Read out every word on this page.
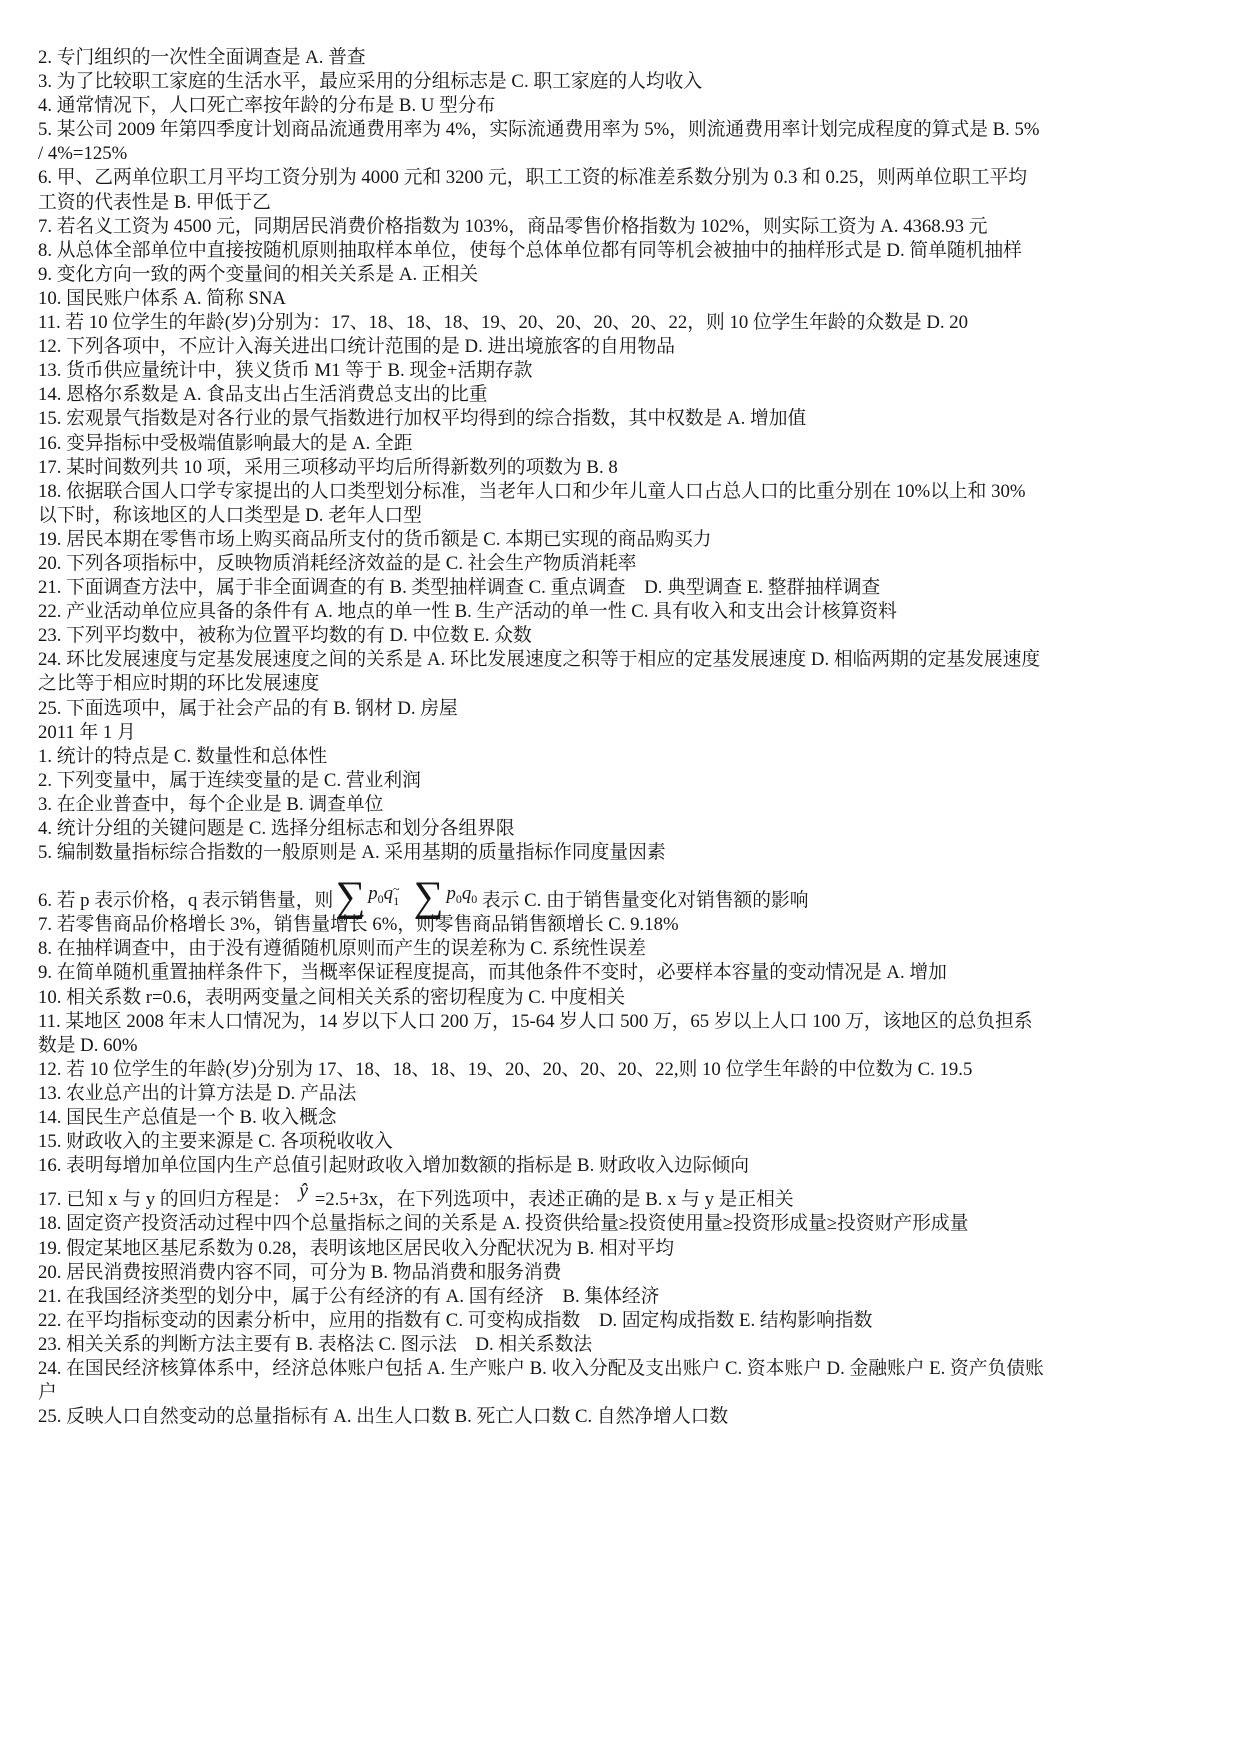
2. 专门组织的一次性全面调查是 A. 普查
3. 为了比较职工家庭的生活水平，最应采用的分组标志是 C. 职工家庭的人均收入
4. 通常情况下，人口死亡率按年龄的分布是 B. U 型分布
5. 某公司 2009 年第四季度计划商品流通费用率为 4%，实际流通费用率为 5%，则流通费用率计划完成程度的算式是 B. 5% / 4%=125%
6. 甲、乙两单位职工月平均工资分别为 4000 元和 3200 元，职工工资的标准差系数分别为 0.3 和 0.25，则两单位职工平均工资的代表性是 B. 甲低于乙
7. 若名义工资为 4500 元，同期居民消费价格指数为 103%，商品零售价格指数为 102%，则实际工资为 A. 4368.93 元
8. 从总体全部单位中直接按随机原则抽取样本单位，使每个总体单位都有同等机会被抽中的抽样形式是 D. 简单随机抽样
9. 变化方向一致的两个变量间的相关关系是 A. 正相关
10. 国民账户体系 A. 简称 SNA
11. 若 10 位学生的年龄(岁)分别为：17、18、18、18、19、20、20、20、20、22，则 10 位学生年龄的众数是 D. 20
12. 下列各项中，不应计入海关进出口统计范围的是 D. 进出境旅客的自用物品
13. 货币供应量统计中，狭义货币 M1 等于 B. 现金+活期存款
14. 恩格尔系数是 A. 食品支出占生活消费总支出的比重
15. 宏观景气指数是对各行业的景气指数进行加权平均得到的综合指数，其中权数是 A. 增加值
16. 变异指标中受极端值影响最大的是 A. 全距
17. 某时间数列共 10 项，采用三项移动平均后所得新数列的项数为 B. 8
18. 依据联合国人口学专家提出的人口类型划分标准，当老年人口和少年儿童人口占总人口的比重分别在 10%以上和 30%以下时，称该地区的人口类型是 D. 老年人口型
19. 居民本期在零售市场上购买商品所支付的货币额是 C. 本期已实现的商品购买力
20. 下列各项指标中，反映物质消耗经济效益的是 C. 社会生产物质消耗率
21. 下面调查方法中，属于非全面调查的有 B. 类型抽样调查 C. 重点调查    D. 典型调查 E. 整群抽样调查
22. 产业活动单位应具备的条件有 A. 地点的单一性 B. 生产活动的单一性 C. 具有收入和支出会计核算资料
23. 下列平均数中，被称为位置平均数的有 D. 中位数 E. 众数
24. 环比发展速度与定基发展速度之间的关系是 A. 环比发展速度之积等于相应的定基发展速度 D. 相临两期的定基发展速度之比等于相应时期的环比发展速度
25. 下面选项中，属于社会产品的有 B. 钢材 D. 房屋
2011 年 1 月
1. 统计的特点是 C. 数量性和总体性
2. 下列变量中，属于连续变量的是 C. 营业利润
3. 在企业普查中，每个企业是 B. 调查单位
4. 统计分组的关键问题是 C. 选择分组标志和划分各组界限
5. 编制数量指标综合指数的一般原则是 A. 采用基期的质量指标作同度量因素
6. 若 p 表示价格，q 表示销售量，则∑ $p_0q$ ~
1 ∑ $p_0q_0$ 表示 C. 由于销售量变化对销售额的影响
7. 若零售商品价格增长 3%，销售量增长 6%，则零售商品销售额增长 C. 9.18%
8. 在抽样调查中，由于没有遵循随机原则而产生的误差称为 C. 系统性误差
9. 在简单随机重置抽样条件下，当概率保证程度提高，而其他条件不变时，必要样本容量的变动情况是 A. 增加
10. 相关系数 r=0.6，表明两变量之间相关关系的密切程度为 C. 中度相关
11. 某地区 2008 年末人口情况为，14 岁以下人口 200 万，15-64 岁人口 500 万，65 岁以上人口 100 万，该地区的总负担系数是 D. 60%
12. 若 10 位学生的年龄(岁)分别为 17、18、18、18、19、20、20、20、20、22,则 10 位学生年龄的中位数为 C. 19.5
13. 农业总产出的计算方法是 D. 产品法
14. 国民生产总值是一个 B. 收入概念
15. 财政收入的主要来源是 C. 各项税收收入
16. 表明每增加单位国内生产总值引起财政收入增加数额的指标是 B. 财政收入边际倾向
17. 已知 x 与 y 的回归方程是： ŷ =2.5+3x，在下列选项中，表述正确的是 B. x 与 y 是正相关
18. 固定资产投资活动过程中四个总量指标之间的关系是 A. 投资供给量≥投资使用量≥投资形成量≥投资财产形成量
19. 假定某地区基尼系数为 0.28，表明该地区居民收入分配状况为 B. 相对平均
20. 居民消费按照消费内容不同，可分为 B. 物品消费和服务消费
21. 在我国经济类型的划分中，属于公有经济的有 A. 国有经济    B. 集体经济
22. 在平均指标变动的因素分析中，应用的指数有 C. 可变构成指数    D. 固定构成指数 E. 结构影响指数
23. 相关关系的判断方法主要有 B. 表格法 C. 图示法    D. 相关系数法
24. 在国民经济核算体系中，经济总体账户包括 A. 生产账户 B. 收入分配及支出账户 C. 资本账户 D. 金融账户 E. 资产负债账户
25. 反映人口自然变动的总量指标有 A. 出生人口数 B. 死亡人口数 C. 自然净增人口数
